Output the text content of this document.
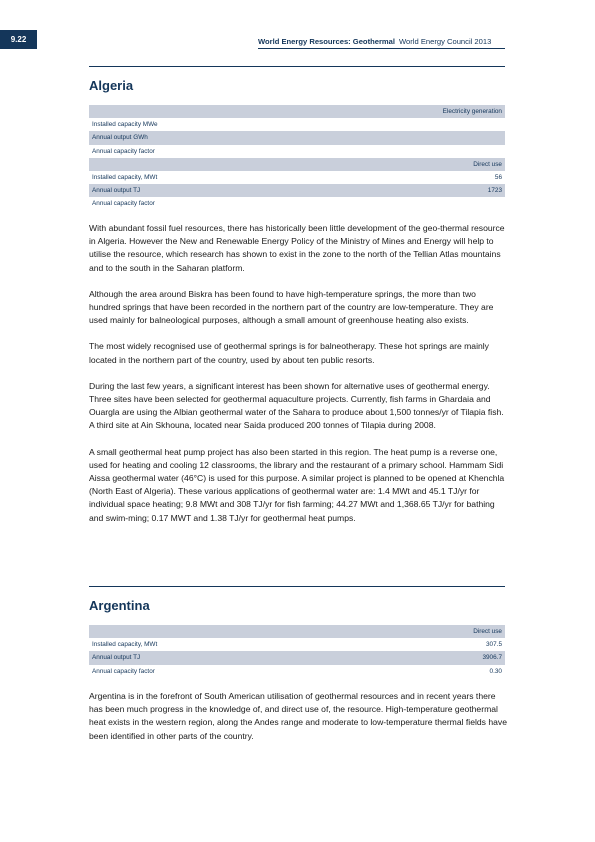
9.22	World Energy Resources: Geothermal World Energy Council 2013
Algeria
	Electricity generation
Installed capacity MWe	
Annual output GWh	
Annual capacity factor	
	Direct use
Installed capacity, MWt	56
Annual output TJ	1723
Annual capacity factor	

With abundant fossil fuel resources, there has historically been little development of the geo-thermal resource in Algeria. However the New and Renewable Energy Policy of the Ministry of Mines and Energy will help to utilise the resource, which research has shown to exist in the zone to the north of the Tellian Atlas mountains and to the south in the Saharan platform.

Although the area around Biskra has been found to have high-temperature springs, the more than two hundred springs that have been recorded in the northern part of the country are low-temperature. They are used mainly for balneological purposes, although a small amount of greenhouse heating also exists.

The most widely recognised use of geothermal springs is for balneotherapy. These hot springs are mainly located in the northern part of the country, used by about ten public resorts.

During the last few years, a significant interest has been shown for alternative uses of geothermal energy. Three sites have been selected for geothermal aquaculture projects. Currently, fish farms in Ghardaia and Ouargla are using the Albian geothermal water of the Sahara to produce about 1,500 tonnes/yr of Tilapia fish. A third site at Ain Skhouna, located near Saida produced 200 tonnes of Tilapia during 2008.

A small geothermal heat pump project has also been started in this region. The heat pump is a reverse one, used for heating and cooling 12 classrooms, the library and the restaurant of a primary school. Hammam Sidi Aissa geothermal water (46°C) is used for this purpose. A similar project is planned to be opened at Khenchla (North East of Algeria). These various applications of geothermal water are: 1.4 MWt and 45.1 TJ/yr for individual space heating; 9.8 MWt and 308 TJ/yr for fish farming; 44.27 MWt and 1,368.65 TJ/yr for bathing and swim-ming; 0.17 MWT and 1.38 TJ/yr for geothermal heat pumps.

Argentina
	Direct use
Installed capacity, MWt	307.5
Annual output TJ	3906.7
Annual capacity factor	0.30

Argentina is in the forefront of South American utilisation of geothermal resources and in recent years there has been much progress in the knowledge of, and direct use of, the resource. High-temperature geothermal heat exists in the western region, along the Andes range and moderate to low-temperature thermal fields have been identified in other parts of the country.
